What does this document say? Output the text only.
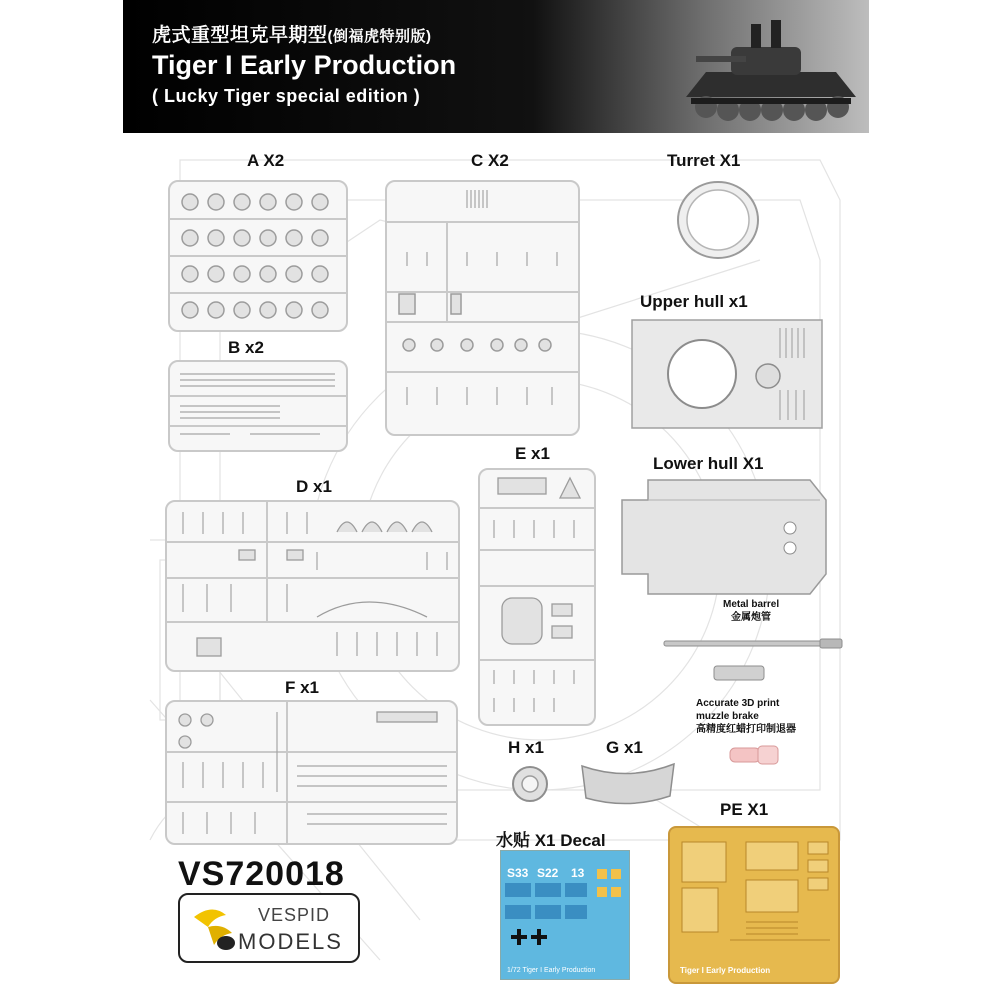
虎式重型坦克早期型(倒福虎特别版)
Tiger I Early Production
( Lucky Tiger special edition )
A X2
B x2
C X2	Turret X1
Upper hull x1
E x1
Lower hull X1
D x1
Metal barrel
金属炮管
Accurate 3D print
muzzle brake
高精度红蜡打印制退器
F x1
H x1	G x1
水贴 X1 Decal
S33 S22 13
1/72 Tiger I Early Production
PE X1
Tiger I Early Production
VS720018
VESPID
MODELS
